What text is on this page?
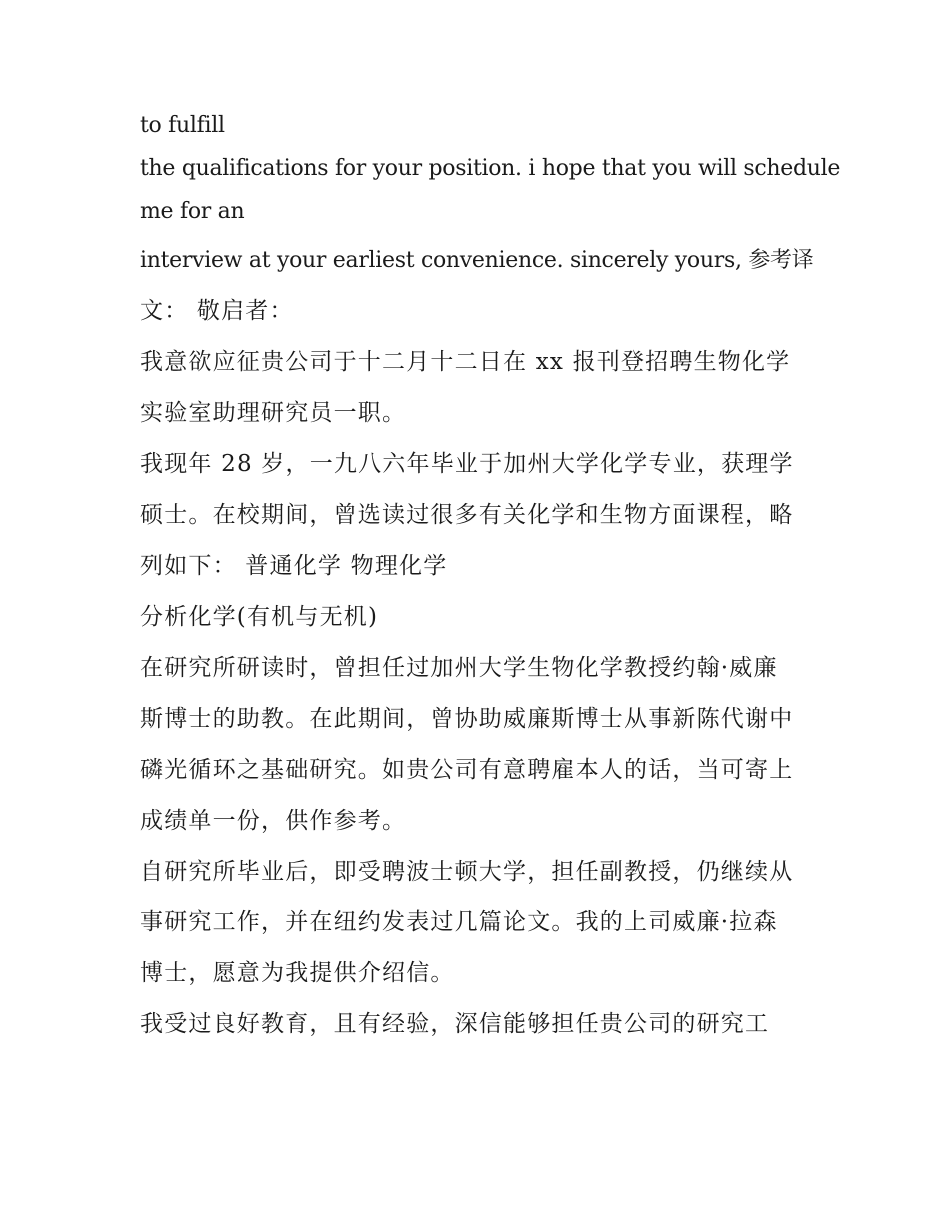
to fulfill

the qualifications for your position. i hope that you will schedule

me for an

interview at your earliest convenience. sincerely yours, 参考译

文： 敬启者：

我意欲应征贵公司于十二月十二日在 xx 报刊登招聘生物化学

实验室助理研究员一职。

我现年 28 岁，一九八六年毕业于加州大学化学专业，获理学

硕士。在校期间，曾选读过很多有关化学和生物方面课程，略

列如下： 普通化学 物理化学

分析化学(有机与无机)

在研究所研读时，曾担任过加州大学生物化学教授约翰·威廉

斯博士的助教。在此期间，曾协助威廉斯博士从事新陈代谢中

磷光循环之基础研究。如贵公司有意聘雇本人的话，当可寄上

成绩单一份，供作参考。

自研究所毕业后，即受聘波士顿大学，担任副教授，仍继续从

事研究工作，并在纽约发表过几篇论文。我的上司威廉·拉森

博士，愿意为我提供介绍信。

我受过良好教育，且有经验，深信能够担任贵公司的研究工
